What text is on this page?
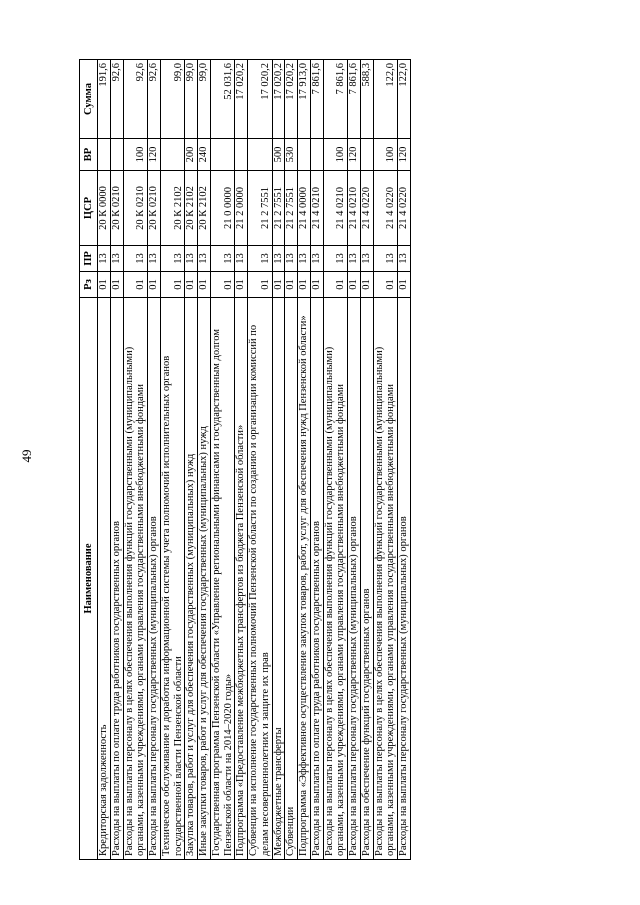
49
Наименование	Рз	ПР	ЦСР	ВР	Сумма
Кредиторская задолженность	01	13	20 К 0000		191,6
Расходы на выплаты по оплате труда работников государственных органов	01	13	20 К 0210		92,6
Расходы на выплаты персоналу в целях обеспечения выполнения функций государственными (муниципальными) органами, казенными учреждениями, органами управления государственными внебюджетными фондами	01	13	20 К 0210	100	92,6
Расходы на выплаты персоналу государственных (муниципальных) органов	01	13	20 К 0210	120	92,6
Техническое обслуживание и доработка информационной системы учета полномочий исполнительных органов государственной власти Пензенской области	01	13	20 К 2102		99,0
Закупка товаров, работ и услуг для обеспечения государственных (муниципальных) нужд	01	13	20 К 2102	200	99,0
Иные закупки товаров, работ и услуг для обеспечения государственных (муниципальных) нужд	01	13	20 К 2102	240	99,0
Государственная программа Пензенской области «Управление региональными финансами и государственным долгом Пензенской области на 2014–2020 годы»	01	13	21 0 0000		52 031,6
Подпрограмма «Предоставление межбюджетных трансфертов из бюджета Пензенской области»	01	13	21 2 0000		17 020,2
Субвенции на исполнение государственных полномочий Пензенской области по созданию и организации комиссий по делам несовершеннолетних и защите их прав	01	13	21 2 7551		17 020,2
Межбюджетные трансферты	01	13	21 2 7551	500	17 020,2
Субвенции	01	13	21 2 7551	530	17 020,2
Подпрограмма «Эффективное осуществление закупок товаров, работ, услуг для обеспечения нужд Пензенской области»	01	13	21 4 0000		17 913,0
Расходы на выплаты по оплате труда работников государственных органов	01	13	21 4 0210		7 861,6
Расходы на выплаты персоналу в целях обеспечения выполнения функций государственными (муниципальными) органами, казенными учреждениями, органами управления государственными внебюджетными фондами	01	13	21 4 0210	100	7 861,6
Расходы на выплаты персоналу государственных (муниципальных) органов	01	13	21 4 0210	120	7 861,6
Расходы на обеспечение функций государственных органов	01	13	21 4 0220		588,3
Расходы на выплаты персоналу в целях обеспечения выполнения функций государственными (муниципальными) органами, казенными учреждениями, органами управления государственными внебюджетными фондами	01	13	21 4 0220	100	122,0
Расходы на выплаты персоналу государственных (муниципальных) органов	01	13	21 4 0220	120	122,0
